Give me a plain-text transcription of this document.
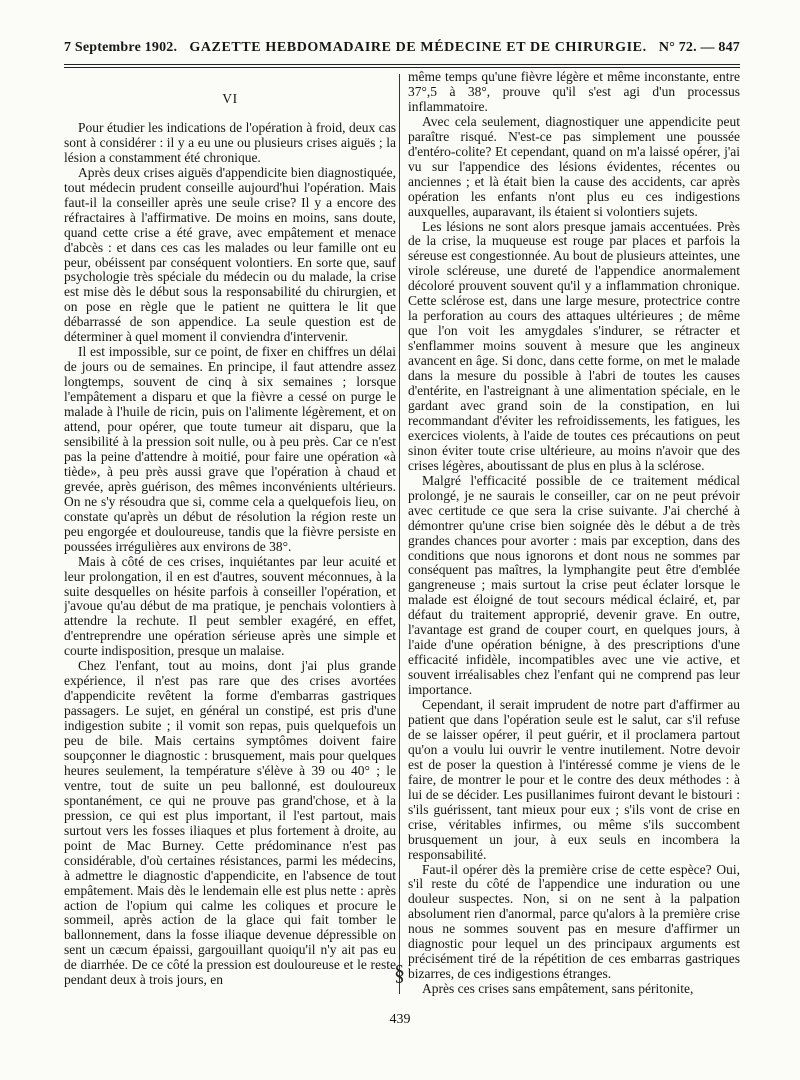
7 Septembre 1902. GAZETTE HEBDOMADAIRE DE MÉDECINE ET DE CHIRURGIE. N° 72. — 847
VI

Pour étudier les indications de l'opération à froid, deux cas sont à considérer : il y a eu une ou plusieurs crises aiguës ; la lésion a constamment été chronique.

Après deux crises aiguës d'appendicite bien diagnostiquée, tout médecin prudent conseille aujourd'hui l'opération. Mais faut-il la conseiller après une seule crise? Il y a encore des réfractaires à l'affirmative. De moins en moins, sans doute, quand cette crise a été grave, avec empâtement et menace d'abcès : et dans ces cas les malades ou leur famille ont eu peur, obéissent par conséquent volontiers. En sorte que, sauf psychologie très spéciale du médecin ou du malade, la crise est mise dès le début sous la responsabilité du chirurgien, et on pose en règle que le patient ne quittera le lit que débarrassé de son appendice. La seule question est de déterminer à quel moment il conviendra d'intervenir.

Il est impossible, sur ce point, de fixer en chiffres un délai de jours ou de semaines. En principe, il faut attendre assez longtemps, souvent de cinq à six semaines ; lorsque l'empâtement a disparu et que la fièvre a cessé on purge le malade à l'huile de ricin, puis on l'alimente légèrement, et on attend, pour opérer, que toute tumeur ait disparu, que la sensibilité à la pression soit nulle, ou à peu près. Car ce n'est pas la peine d'attendre à moitié, pour faire une opération «à tiède», à peu près aussi grave que l'opération à chaud et grevée, après guérison, des mêmes inconvénients ultérieurs. On ne s'y résoudra que si, comme cela a quelquefois lieu, on constate qu'après un début de résolution la région reste un peu engorgée et douloureuse, tandis que la fièvre persiste en poussées irrégulières aux environs de 38°.

Mais à côté de ces crises, inquiétantes par leur acuité et leur prolongation, il en est d'autres, souvent méconnues, à la suite desquelles on hésite parfois à conseiller l'opération, et j'avoue qu'au début de ma pratique, je penchais volontiers à attendre la rechute. Il peut sembler exagéré, en effet, d'entreprendre une opération sérieuse après une simple et courte indisposition, presque un malaise.

Chez l'enfant, tout au moins, dont j'ai plus grande expérience, il n'est pas rare que des crises avortées d'appendicite revêtent la forme d'embarras gastriques passagers. Le sujet, en général un constipé, est pris d'une indigestion subite ; il vomit son repas, puis quelquefois un peu de bile. Mais certains symptômes doivent faire soupçonner le diagnostic : brusquement, mais pour quelques heures seulement, la température s'élève à 39 ou 40° ; le ventre, tout de suite un peu ballonné, est douloureux spontanément, ce qui ne prouve pas grand'chose, et à la pression, ce qui est plus important, il l'est partout, mais surtout vers les fosses iliaques et plus fortement à droite, au point de Mac Burney. Cette prédominance n'est pas considérable, d'où certaines résistances, parmi les médecins, à admettre le diagnostic d'appendicite, en l'absence de tout empâtement. Mais dès le lendemain elle est plus nette : après action de l'opium qui calme les coliques et procure le sommeil, après action de la glace qui fait tomber le ballonnement, dans la fosse iliaque devenue dépressible on sent un cæcum épaissi, gargouillant quoiqu'il n'y ait pas eu de diarrhée. De ce côté la pression est douloureuse et le reste pendant deux à trois jours, en	§

même temps qu'une fièvre légère et même inconstante, entre 37°,5 à 38°, prouve qu'il s'est agi d'un processus inflammatoire.

Avec cela seulement, diagnostiquer une appendicite peut paraître risqué. N'est-ce pas simplement une poussée d'entéro-colite? Et cependant, quand on m'a laissé opérer, j'ai vu sur l'appendice des lésions évidentes, récentes ou anciennes ; et là était bien la cause des accidents, car après opération les enfants n'ont plus eu ces indigestions auxquelles, auparavant, ils étaient si volontiers sujets.

Les lésions ne sont alors presque jamais accentuées. Près de la crise, la muqueuse est rouge par places et parfois la séreuse est congestionnée. Au bout de plusieurs atteintes, une virole scléreuse, une dureté de l'appendice anormalement décoloré prouvent souvent qu'il y a inflammation chronique. Cette sclérose est, dans une large mesure, protectrice contre la perforation au cours des attaques ultérieures ; de même que l'on voit les amygdales s'indurer, se rétracter et s'enflammer moins souvent à mesure que les angineux avancent en âge. Si donc, dans cette forme, on met le malade dans la mesure du possible à l'abri de toutes les causes d'entérite, en l'astreignant à une alimentation spéciale, en le gardant avec grand soin de la constipation, en lui recommandant d'éviter les refroidissements, les fatigues, les exercices violents, à l'aide de toutes ces précautions on peut sinon éviter toute crise ultérieure, au moins n'avoir que des crises légères, aboutissant de plus en plus à la sclérose.

Malgré l'efficacité possible de ce traitement médical prolongé, je ne saurais le conseiller, car on ne peut prévoir avec certitude ce que sera la crise suivante. J'ai cherché à démontrer qu'une crise bien soignée dès le début a de très grandes chances pour avorter : mais par exception, dans des conditions que nous ignorons et dont nous ne sommes par conséquent pas maîtres, la lymphangite peut être d'emblée gangreneuse ; mais surtout la crise peut éclater lorsque le malade est éloigné de tout secours médical éclairé, et, par défaut du traitement approprié, devenir grave. En outre, l'avantage est grand de couper court, en quelques jours, à l'aide d'une opération bénigne, à des prescriptions d'une efficacité infidèle, incompatibles avec une vie active, et souvent irréalisables chez l'enfant qui ne comprend pas leur importance.

Cependant, il serait imprudent de notre part d'affirmer au patient que dans l'opération seule est le salut, car s'il refuse de se laisser opérer, il peut guérir, et il proclamera partout qu'on a voulu lui ouvrir le ventre inutilement. Notre devoir est de poser la question à l'intéressé comme je viens de le faire, de montrer le pour et le contre des deux méthodes : à lui de se décider. Les pusillanimes fuiront devant le bistouri : s'ils guérissent, tant mieux pour eux ; s'ils vont de crise en crise, véritables infirmes, ou même s'ils succombent brusquement un jour, à eux seuls en incombera la responsabilité.

Faut-il opérer dès la première crise de cette espèce? Oui, s'il reste du côté de l'appendice une induration ou une douleur suspectes. Non, si on ne sent à la palpation absolument rien d'anormal, parce qu'alors à la première crise nous ne sommes souvent pas en mesure d'affirmer un diagnostic pour lequel un des principaux arguments est précisément tiré de la répétition de ces embarras gastriques bizarres, de ces indigestions étranges.

Après ces crises sans empâtement, sans péritonite,

439
